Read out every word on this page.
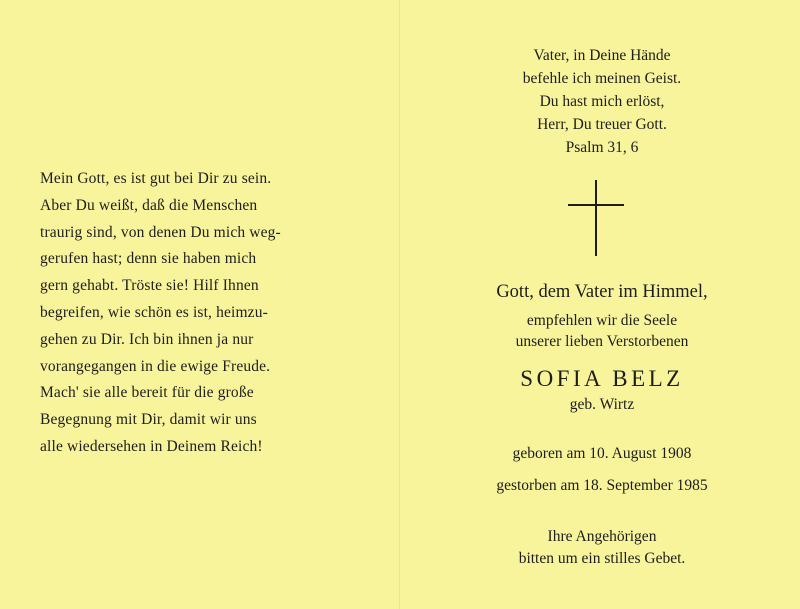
Mein Gott, es ist gut bei Dir zu sein.
Aber Du weißt, daß die Menschen
traurig sind, von denen Du mich weg-
gerufen hast; denn sie haben mich
gern gehabt. Tröste sie! Hilf Ihnen
begreifen, wie schön es ist, heimzu-
gehen zu Dir. Ich bin ihnen ja nur
vorangegangen in die ewige Freude.
Mach' sie alle bereit für die große
Begegnung mit Dir, damit wir uns
alle wiedersehen in Deinem Reich!
Vater, in Deine Hände
befehle ich meinen Geist.
Du hast mich erlöst,
Herr, Du treuer Gott.
Psalm 31, 6
Gott, dem Vater im Himmel,
empfehlen wir die Seele
unserer lieben Verstorbenen
SOFIA BELZ
geb. Wirtz
geboren am 10. August 1908
gestorben am 18. September 1985
Ihre Angehörigen
bitten um ein stilles Gebet.
